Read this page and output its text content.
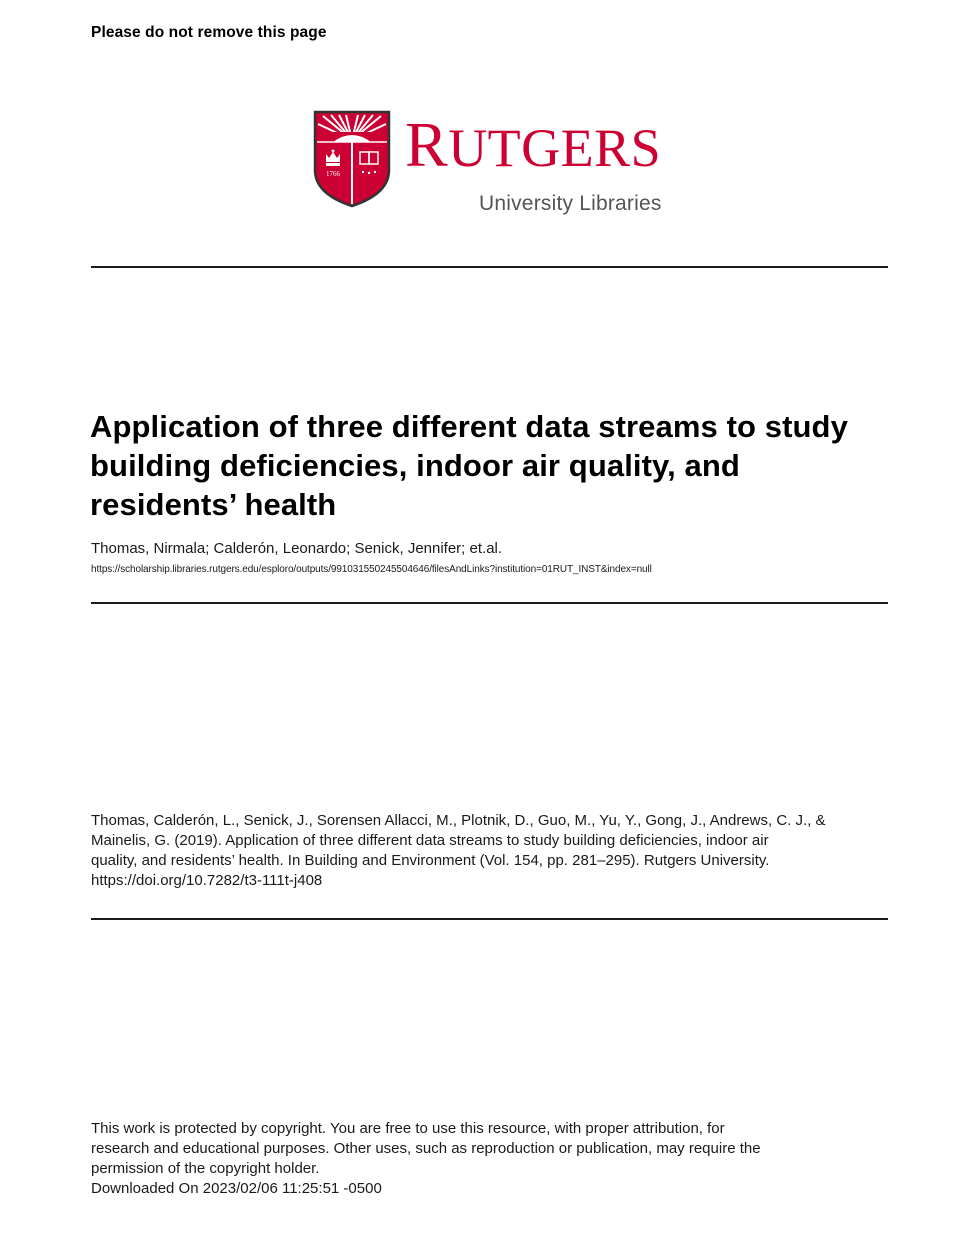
Please do not remove this page
1766 RUTGERS
University Libraries
Application of three different data streams to study building deficiencies, indoor air quality, and residents’ health
Thomas, Nirmala; Calderón, Leonardo; Senick, Jennifer; et.al.
https://scholarship.libraries.rutgers.edu/esploro/outputs/991031550245504646/filesAndLinks?institution=01RUT_INST&index=null
Thomas, Calderón, L., Senick, J., Sorensen Allacci, M., Plotnik, D., Guo, M., Yu, Y., Gong, J., Andrews, C. J., &
Mainelis, G. (2019). Application of three different data streams to study building deficiencies, indoor air
quality, and residents’ health. In Building and Environment (Vol. 154, pp. 281–295). Rutgers University.
https://doi.org/10.7282/t3-111t-j408
This work is protected by copyright. You are free to use this resource, with proper attribution, for
research and educational purposes. Other uses, such as reproduction or publication, may require the
permission of the copyright holder.
Downloaded On 2023/02/06 11:25:51 -0500
